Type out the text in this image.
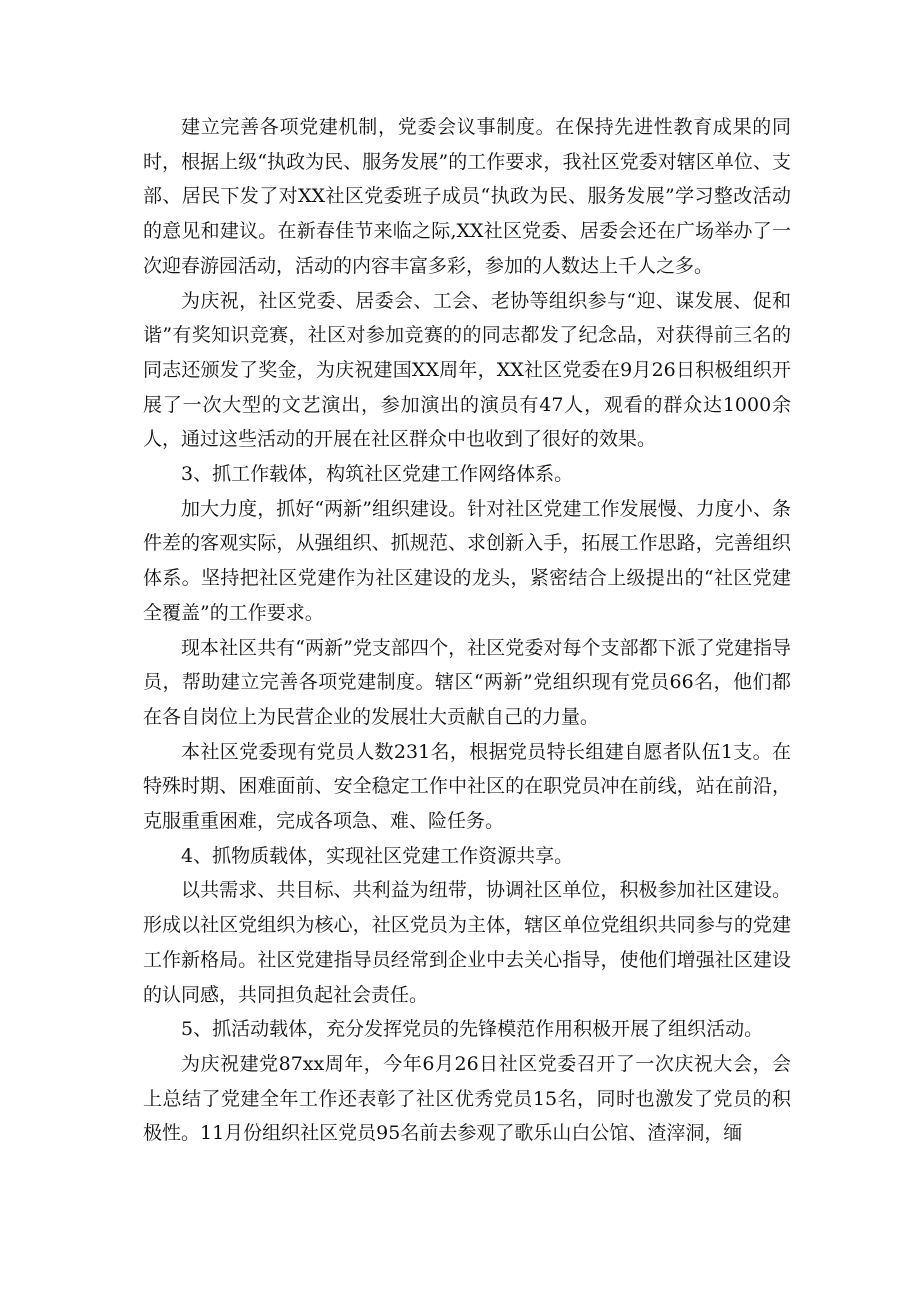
建立完善各项党建机制，党委会议事制度。在保持先进性教育成果的同时，根据上级“执政为民、服务发展”的工作要求，我社区党委对辖区单位、支部、居民下发了对XX社区党委班子成员“执政为民、服务发展”学习整改活动的意见和建议。在新春佳节来临之际,XX社区党委、居委会还在广场举办了一次迎春游园活动，活动的内容丰富多彩，参加的人数达上千人之多。

为庆祝，社区党委、居委会、工会、老协等组织参与“迎、谋发展、促和谐”有奖知识竞赛，社区对参加竞赛的的同志都发了纪念品，对获得前三名的同志还颁发了奖金，为庆祝建国XX周年，XX社区党委在9月26日积极组织开展了一次大型的文艺演出，参加演出的演员有47人，观看的群众达1000余人，通过这些活动的开展在社区群众中也收到了很好的效果。

3、抓工作载体，构筑社区党建工作网络体系。

加大力度，抓好“两新”组织建设。针对社区党建工作发展慢、力度小、条件差的客观实际，从强组织、抓规范、求创新入手，拓展工作思路，完善组织体系。坚持把社区党建作为社区建设的龙头，紧密结合上级提出的“社区党建全覆盖”的工作要求。

现本社区共有“两新”党支部四个，社区党委对每个支部都下派了党建指导员，帮助建立完善各项党建制度。辖区“两新”党组织现有党员66名，他们都在各自岗位上为民营企业的发展壮大贡献自己的力量。

本社区党委现有党员人数231名，根据党员特长组建自愿者队伍1支。在特殊时期、困难面前、安全稳定工作中社区的在职党员冲在前线，站在前沿，克服重重困难，完成各项急、难、险任务。

4、抓物质载体，实现社区党建工作资源共享。

以共需求、共目标、共利益为纽带，协调社区单位，积极参加社区建设。形成以社区党组织为核心，社区党员为主体，辖区单位党组织共同参与的党建工作新格局。社区党建指导员经常到企业中去关心指导，使他们增强社区建设的认同感，共同担负起社会责任。

5、抓活动载体，充分发挥党员的先锋模范作用积极开展了组织活动。

为庆祝建党87xx周年，今年6月26日社区党委召开了一次庆祝大会，会上总结了党建全年工作还表彰了社区优秀党员15名，同时也激发了党员的积极性。11月份组织社区党员95名前去参观了歌乐山白公馆、渣滓洞，缅
